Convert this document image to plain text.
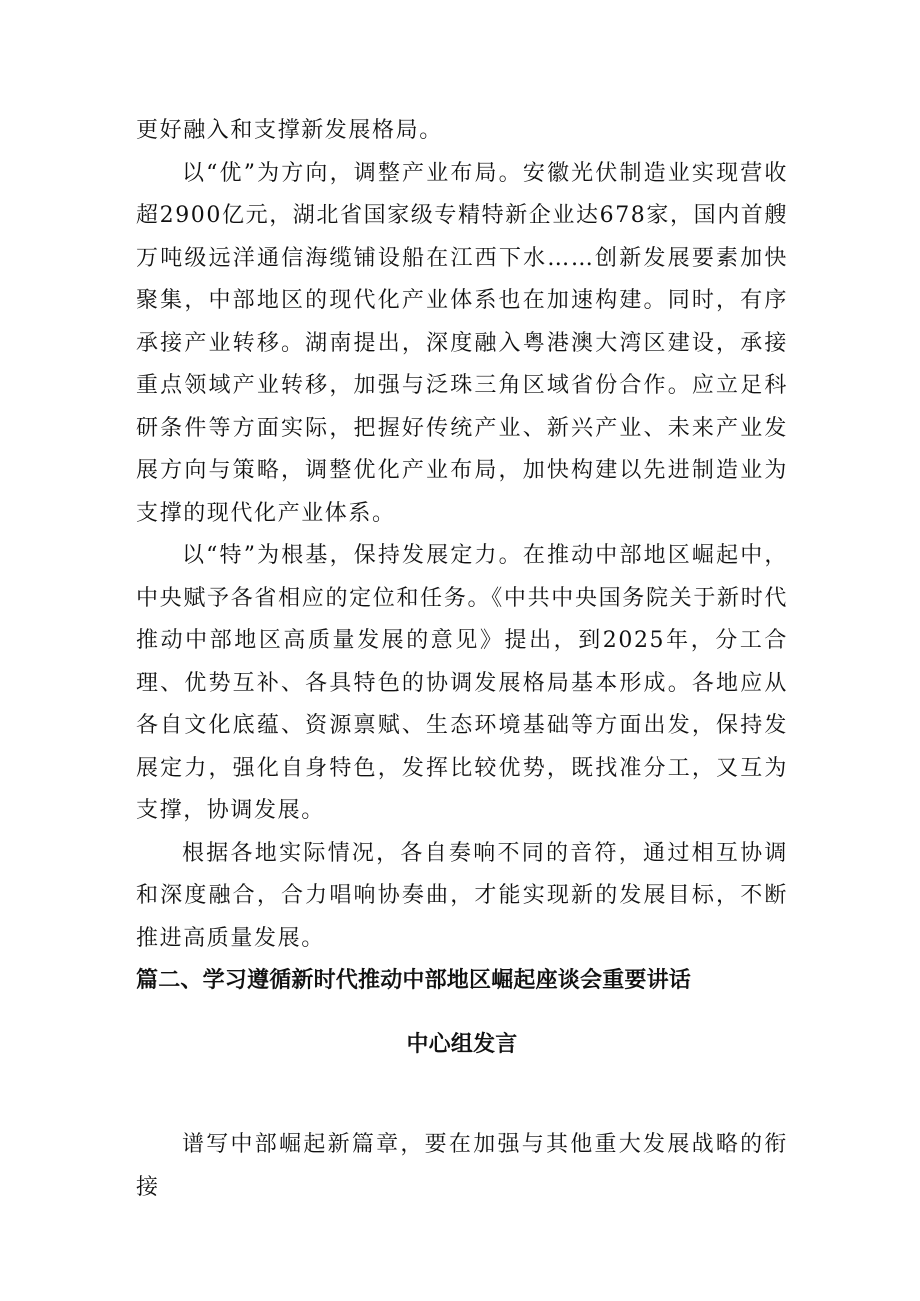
更好融入和支撑新发展格局。

以“优”为方向，调整产业布局。安徽光伏制造业实现营收超2900亿元，湖北省国家级专精特新企业达678家，国内首艘万吨级远洋通信海缆铺设船在江西下水……创新发展要素加快聚集，中部地区的现代化产业体系也在加速构建。同时，有序承接产业转移。湖南提出，深度融入粤港澳大湾区建设，承接重点领域产业转移，加强与泛珠三角区域省份合作。应立足科研条件等方面实际，把握好传统产业、新兴产业、未来产业发展方向与策略，调整优化产业布局，加快构建以先进制造业为支撑的现代化产业体系。

以“特”为根基，保持发展定力。在推动中部地区崛起中，中央赋予各省相应的定位和任务。《中共中央国务院关于新时代推动中部地区高质量发展的意见》提出，到2025年，分工合理、优势互补、各具特色的协调发展格局基本形成。各地应从各自文化底蕴、资源禀赋、生态环境基础等方面出发，保持发展定力，强化自身特色，发挥比较优势，既找准分工，又互为支撑，协调发展。

根据各地实际情况，各自奏响不同的音符，通过相互协调和深度融合，合力唱响协奏曲，才能实现新的发展目标，不断推进高质量发展。

篇二、学习遵循新时代推动中部地区崛起座谈会重要讲话
中心组发言

谱写中部崛起新篇章，要在加强与其他重大发展战略的衔接
